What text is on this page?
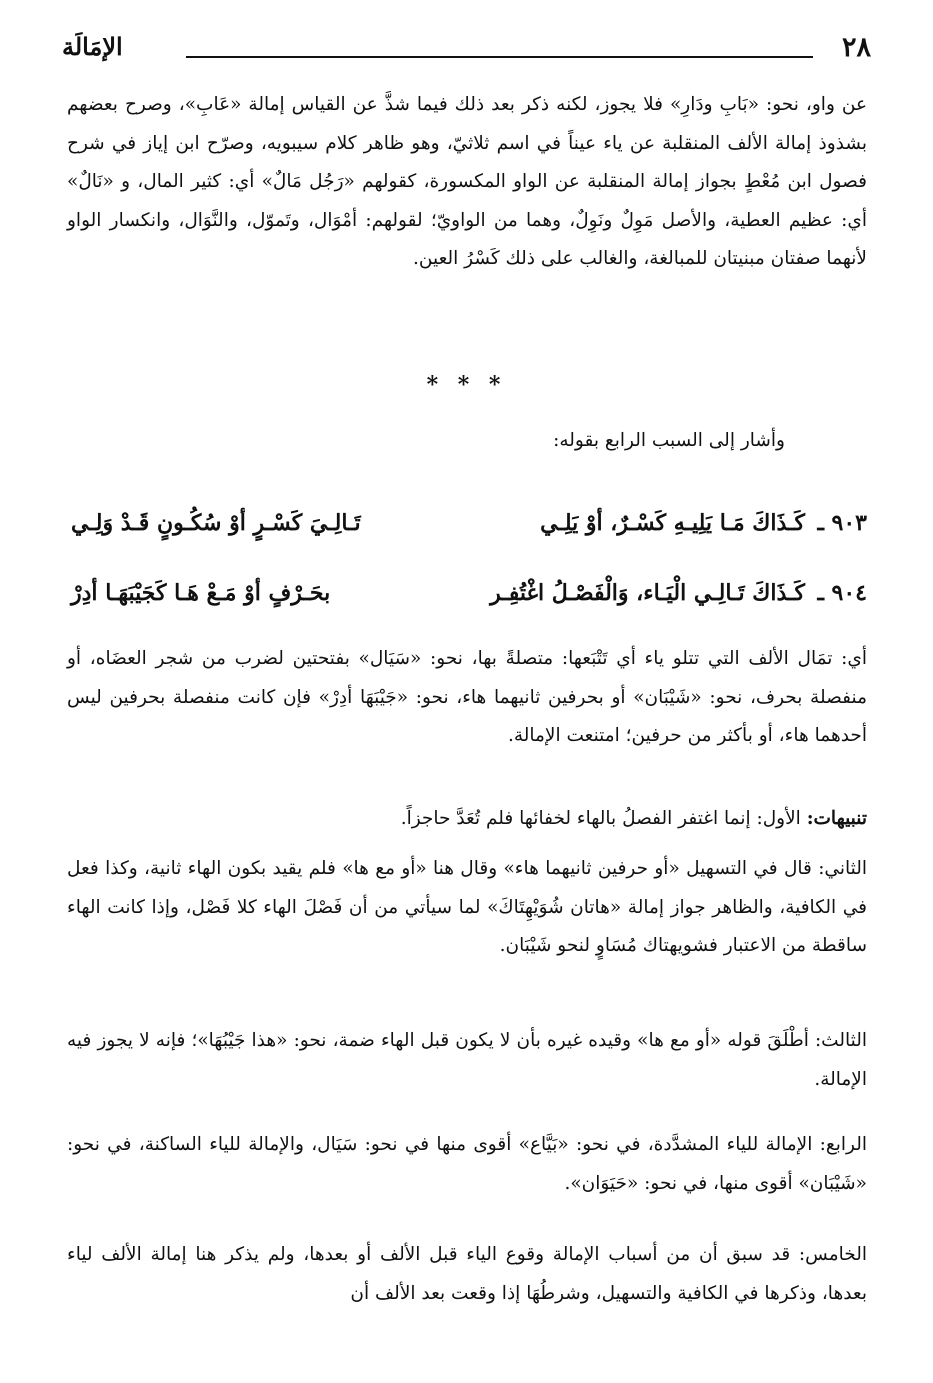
٢٨
الإمَالَة

عن واو، نحو: «بَابِ ودَارِ» فلا يجوز، لكنه ذكر بعد ذلك فيما شذَّ عن القياس إمالة «عَابِ»، وصرح بعضهم بشذوذ إمالة الألف المنقلبة عن ياء عيناً في اسم ثلاثيّ، وهو ظاهر كلام سيبويه، وصرّح ابن إياز في شرح فصول ابن مُعْطٍ بجواز إمالة المنقلبة عن الواو المكسورة، كقولهم «رَجُل مَالٌ» أي: كثير المال، و «نَالٌ» أي: عظيم العطية، والأصل مَوِلٌ ونَوِلٌ، وهما من الواويّ؛ لقولهم: أمْوَال، وتَموّل، والنَّوَال، وانكسار الواو لأنهما صفتان مبنيتان للمبالغة، والغالب على ذلك كَسْرُ العين.

* * *

وأشار إلى السبب الرابع بقوله:

٩٠٣ ـ
كَـذَاكَ مَـا يَلِيـهِ كَسْـرٌ، أوْ يَلِـي
تَـالِـيَ كَسْـرٍ أوْ سُكُـونٍ قَـدْ وَلِـي
٩٠٤ ـ
كَـذَاكَ تَـالِـي الْيَـاء، وَالْفَصْـلُ اغْتُفِـر
بحَـرْفٍ أوْ مَـعْ هَـا كَجَيْبَهَـا أدِرْ

أي: تمَال الألف التي تتلو ياء أي تَتْبَعها: متصلةً بها، نحو: «سَيَال» بفتحتين لضرب من شجر العضَاه، أو منفصلة بحرف، نحو: «شَيْبَان» أو بحرفين ثانيهما هاء، نحو: «جَيْبَهَا أدِرْ» فإن كانت منفصلة بحرفين ليس أحدهما هاء، أو بأكثر من حرفين؛ امتنعت الإمالة.

تنبيهات: الأول: إنما اغتفر الفصلُ بالهاء لخفائها فلم تُعَدَّ حاجزاً.

الثاني: قال في التسهيل «أو حرفين ثانيهما هاء» وقال هنا «أو مع ها» فلم يقيد بكون الهاء ثانية، وكذا فعل في الكافية، والظاهر جواز إمالة «هاتان شُوَيْهِتَاكَ» لما سيأتي من أن فَصْلَ الهاء كلا فَصْل، وإذا كانت الهاء ساقطة من الاعتبار فشويهتاك مُسَاوٍ لنحو شَيْبَان.

الثالث: أطْلَقَ قوله «أو مع ها» وقيده غيره بأن لا يكون قبل الهاء ضمة، نحو: «هذا جَيْبُهَا»؛ فإنه لا يجوز فيه الإمالة.

الرابع: الإمالة للياء المشدَّدة، في نحو: «بَيَّاع» أقوى منها في نحو: سَيَال، والإمالة للياء الساكنة، في نحو: «شَيْبَان» أقوى منها، في نحو: «حَيَوَان».

الخامس: قد سبق أن من أسباب الإمالة وقوع الياء قبل الألف أو بعدها، ولم يذكر هنا إمالة الألف لياء بعدها، وذكرها في الكافية والتسهيل، وشرطُهَا إذا وقعت بعد الألف أن
